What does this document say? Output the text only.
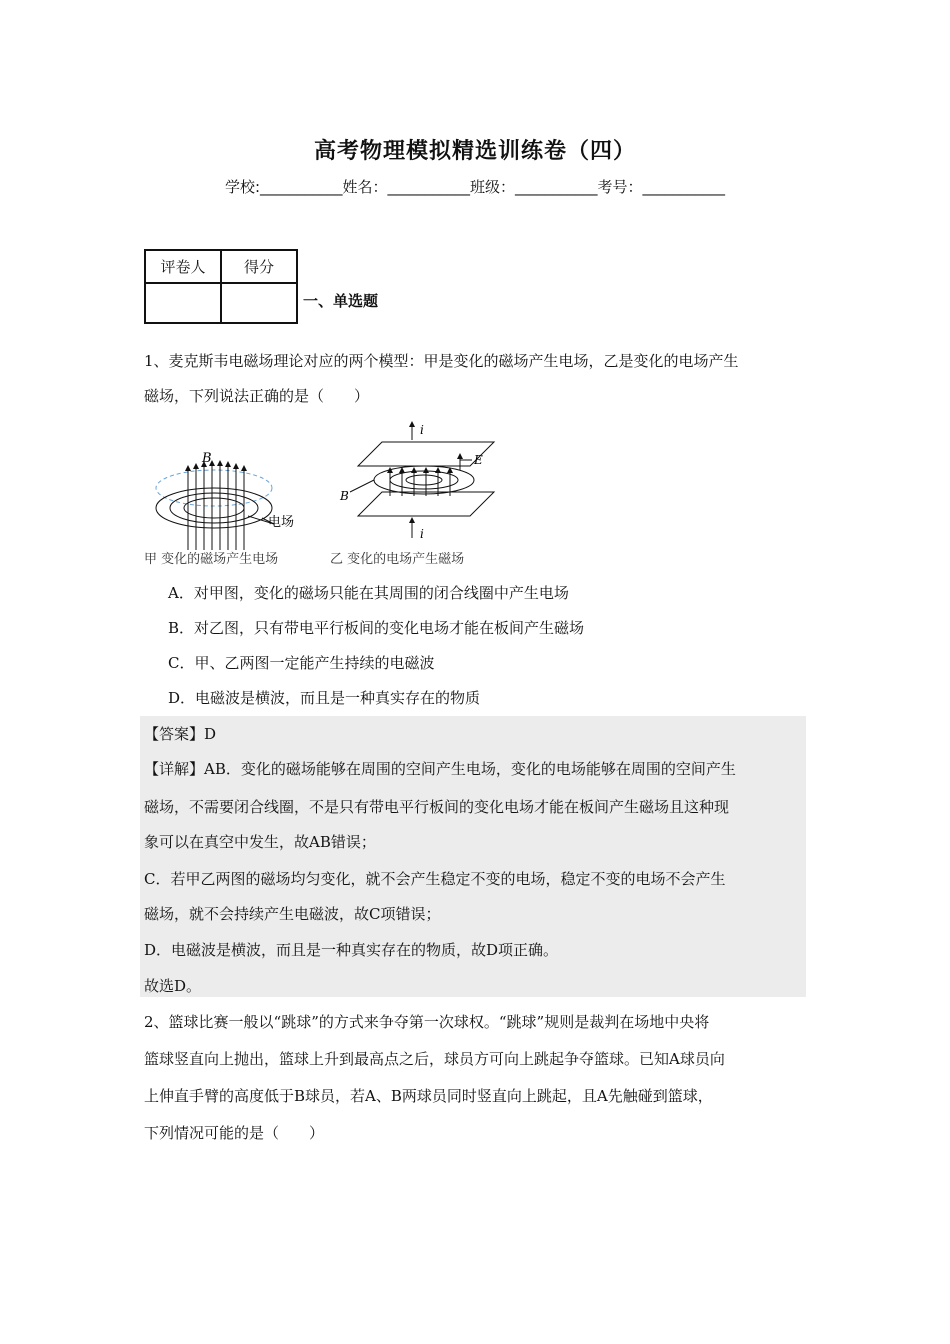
高考物理模拟精选训练卷（四）
学校:___________姓名：___________班级：___________考号：___________
评卷人	得分

一、单选题
1、麦克斯韦电磁场理论对应的两个模型：甲是变化的磁场产生电场，乙是变化的电场产生
磁场，下列说法正确的是（　　）
B
电场
i
E
B
i
甲 变化的磁场产生电场	乙 变化的电场产生磁场
A．对甲图，变化的磁场只能在其周围的闭合线圈中产生电场
B．对乙图，只有带电平行板间的变化电场才能在板间产生磁场
C．甲、乙两图一定能产生持续的电磁波
D．电磁波是横波，而且是一种真实存在的物质
【答案】D
【详解】AB．变化的磁场能够在周围的空间产生电场，变化的电场能够在周围的空间产生
磁场，不需要闭合线圈，不是只有带电平行板间的变化电场才能在板间产生磁场且这种现
象可以在真空中发生，故AB错误；
C．若甲乙两图的磁场均匀变化，就不会产生稳定不变的电场，稳定不变的电场不会产生
磁场，就不会持续产生电磁波，故C项错误；
D．电磁波是横波，而且是一种真实存在的物质，故D项正确。
故选D。
2、篮球比赛一般以“跳球”的方式来争夺第一次球权。“跳球”规则是裁判在场地中央将
篮球竖直向上抛出，篮球上升到最高点之后，球员方可向上跳起争夺篮球。已知A球员向
上伸直手臂的高度低于B球员，若A、B两球员同时竖直向上跳起，且A先触碰到篮球，
下列情况可能的是（　　）
